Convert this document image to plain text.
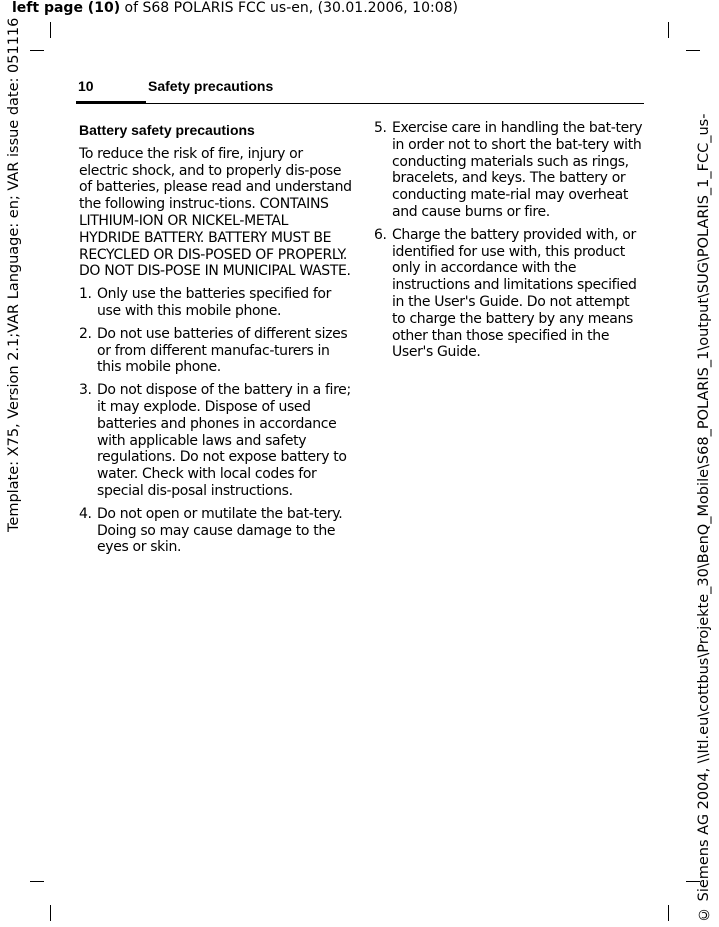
left page (10) of S68 POLARIS FCC us-en, (30.01.2006, 10:08)
Template: X75, Version 2.1;VAR Language: en; VAR issue date: 051116	© Siemens AG 2004, \\Itl.eu\cottbus\Projekte_30\BenQ_Mobile\S68_POLARIS_1\output\SUG\POLARIS_1_FCC_us-
10	Safety precautions
Battery safety precautions
To reduce the risk of fire, injury or electric shock, and to properly dis-pose of batteries, please read and understand the following instruc-tions. CONTAINS LITHIUM-ION OR NICKEL-METAL HYDRIDE BATTERY. BATTERY MUST BE RECYCLED OR DIS-POSED OF PROPERLY. DO NOT DIS-POSE IN MUNICIPAL WASTE.
1. Only use the batteries specified for use with this mobile phone.
2. Do not use batteries of different sizes or from different manufac-turers in this mobile phone.
3. Do not dispose of the battery in a fire; it may explode. Dispose of used batteries and phones in accordance with applicable laws and safety regulations. Do not expose battery to water. Check with local codes for special dis-posal instructions.
4. Do not open or mutilate the bat-tery. Doing so may cause damage to the eyes or skin.
5. Exercise care in handling the bat-tery in order not to short the bat-tery with conducting materials such as rings, bracelets, and keys. The battery or conducting mate-rial may overheat and cause burns or fire.
6. Charge the battery provided with, or identified for use with, this product only in accordance with the instructions and limitations specified in the User's Guide. Do not attempt to charge the battery by any means other than those specified in the User's Guide.
